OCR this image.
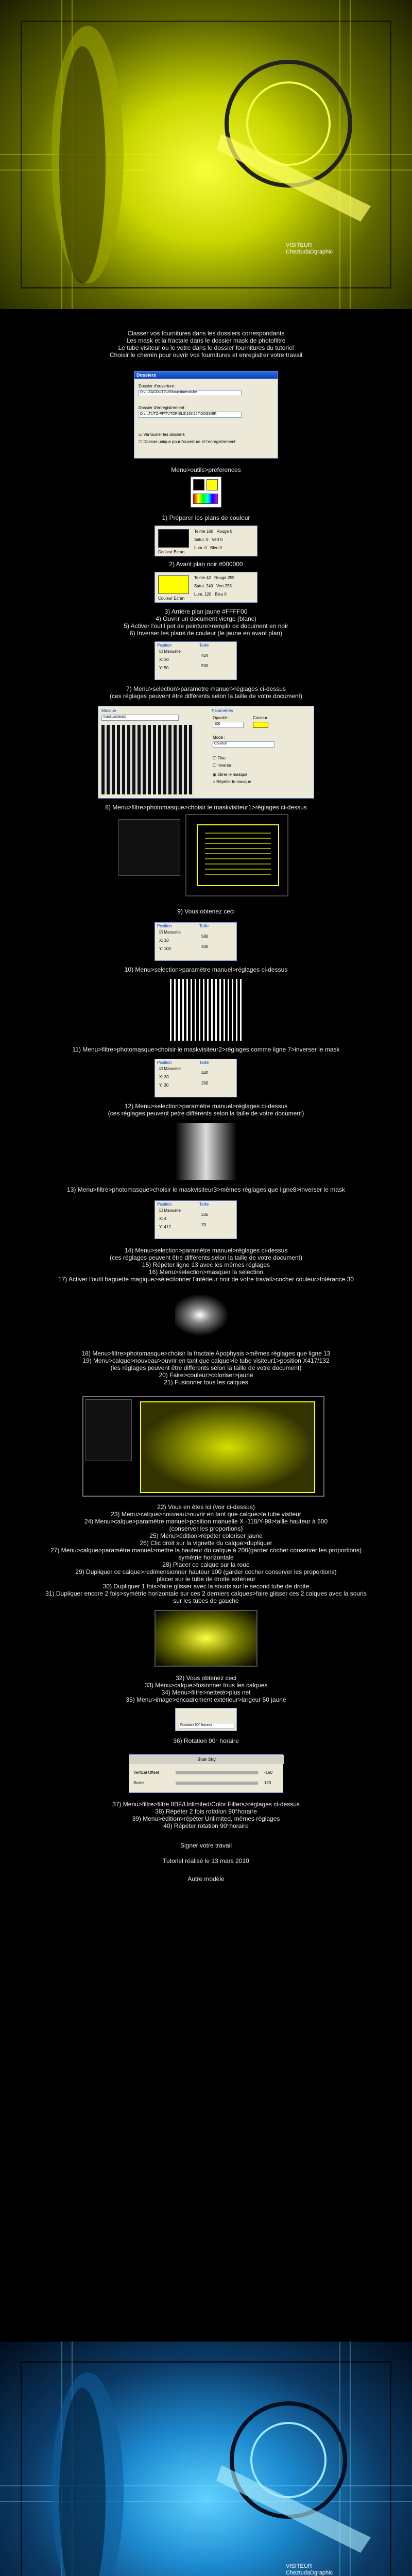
VISITEUR
CheztudaDgraphic
Classer vos fournitures dans les dossiers correspondants
Les mask et la fractale dans le dossier mask de photofiltre
Le tube visiteur ou le votre dans le dossier fournitures du tutoriel
Choisir le chemin pour ouvrir vos fournitures et enregistrer votre travail
Dossiers
Dossier d'ouverture :
D:\...\TAGOUTEUR\fournitures\tube
Dossier d'enregistrement :
D:\...\TUTO-PF\TUTORIELS\156\254\DOSSIER
☑ Verrouiller les dossiers
☐ Dossier unique pour l'ouverture et l'enregistrement
Menu>outils>preferences
1) Préparer les plans de couleur
Couleur Ecran
Teinte 160 Rouge 0
Satur. 0 Vert 0
Lum. 0 Bleu 0
2) Avant plan noir #000000
Couleur Ecran
Teinte 42 Rouge 255
Satur. 240 Vert 255
Lum. 120 Bleu 0
3) Arrière plan jaune #FFFF00
4) Ouvrir un document vierge (blanc)
5) Activer l'outil pot de peinture>remplir ce document en noir
6) Inverser les plans de couleur (le jaune en avant plan)
Position
☑ Manuelle
X: 30
Y: 50
Taille
424
500
7) Menu>selection>parametre manuel>réglages ci-dessus
(ces réglages peuvent être différents selon la taille de votre document)
Masque
masktvisiteur1
Paramètres
Opacité :
100
Couleur :
Mode :
Couleur
☐ Flou
☐ Inverse
◉ Étirer le masque
○ Répéter le masque
8) Menu>filtre>photomasque>choisir le maskvisiteur1>réglages ci-dessus
9) Vous obtenez ceci
Position
☑ Manuelle
X: 10
Y: 100
Taille
580
440
10) Menu>selection>paramètre manuel>réglages ci-dessus
11) Menu>filtre>photomasque>choisir le maskvisiteur2>réglages comme ligne 7>inverser le mask
Position
☑ Manuelle
X: 30
Y: 30
Taille
440
200
12) Menu>selection>paramètre manuel>réglages ci-dessus
(ces réglages peuvent petre différents selon la taille de votre document)
13) Menu>filtre>photomasque>choisir le maskvisiteur3>mêmes réglages que ligne8>inverser le mask
Position
☑ Manuelle
X: 4
Y: 412
Taille
235
70
14) Menu>selection>paramètre manuel>réglages ci-dessus
(ces réglages peuvent être différents selon la taille de votre document)
15) Répéter ligne 13 avec les mêmes réglages
16) Menu>selection>masquer la sélection
17) Activer l'outil baguette magique>sélectionner l'intérieur noir de votre travail>cocher couleur>tolérance 30
18) Menu>filtre>photomasque>choisir la fractale Apophysis >mêmes réglages que ligne 13
19) Menu>calque>nouveau>ouvrir en tant que calque>le tube visiteur1>position X417/132
(les réglages peuvent être différents selon la taille de votre document)
20) Faire>couleur>coloriser>jaune
21) Fusionner tous les calques
22) Vous en êtes ici (voir ci-dessus)
23) Menu>calque>nouveau>ouvrir en tant que calque>le tube visiteur
24) Menu>calque>paramètre manuel>position manuelle X -118/Y-98>taille hauteur à 600
(conserver les proportions)
25) Menu>édition>répéter coloriser jaune
26) Clic droit sur la vignette du calque>dupliquer
27) Menu>calque>paramètre manuel>mettre la hauteur du calque à 200(garder cocher conserver les proportions)
symétrie horizontale
28) Placer ce calque sur la roue
29) Dupliquer ce calque>redimensionner hauteur 100 (garder cocher conserver les proportions)
placer sur le tube de droite extérieur
30) Dupliquer 1 fois>faire glisser avec la souris sur le second tube de droite
31) Dupliquer encore 2 fois>symétrie horizontale sur ces 2 derniers calques>faire glisser ces 2 calques avec la souris
sur les tubes de gauche
32) Vous obtenez ceci
33) Menu>calque>fusionner tous les calques
34) Menu>filtre>netteté>plus net
35) Menu>image>encadrement extérieur>largeur 50 jaune
Rotation 90° horaire
36) Rotation 90° horaire
Blue Sky
Vertical Offset	-150
Scale	120
37) Menu>filtre>filtre 8BF/Unlimited/Color Filters>réglages ci-dessus
38) Répéter 2 fois rotation 90°horaire
39) Menu>édition>répéter Unlimited, mêmes réglages
40) Répéter rotation 90°horaire
Signer votre travail
Tutoriel réalisé le 13 mars 2010
Autre modèle
VISITEUR
CheztudaDgraphic
